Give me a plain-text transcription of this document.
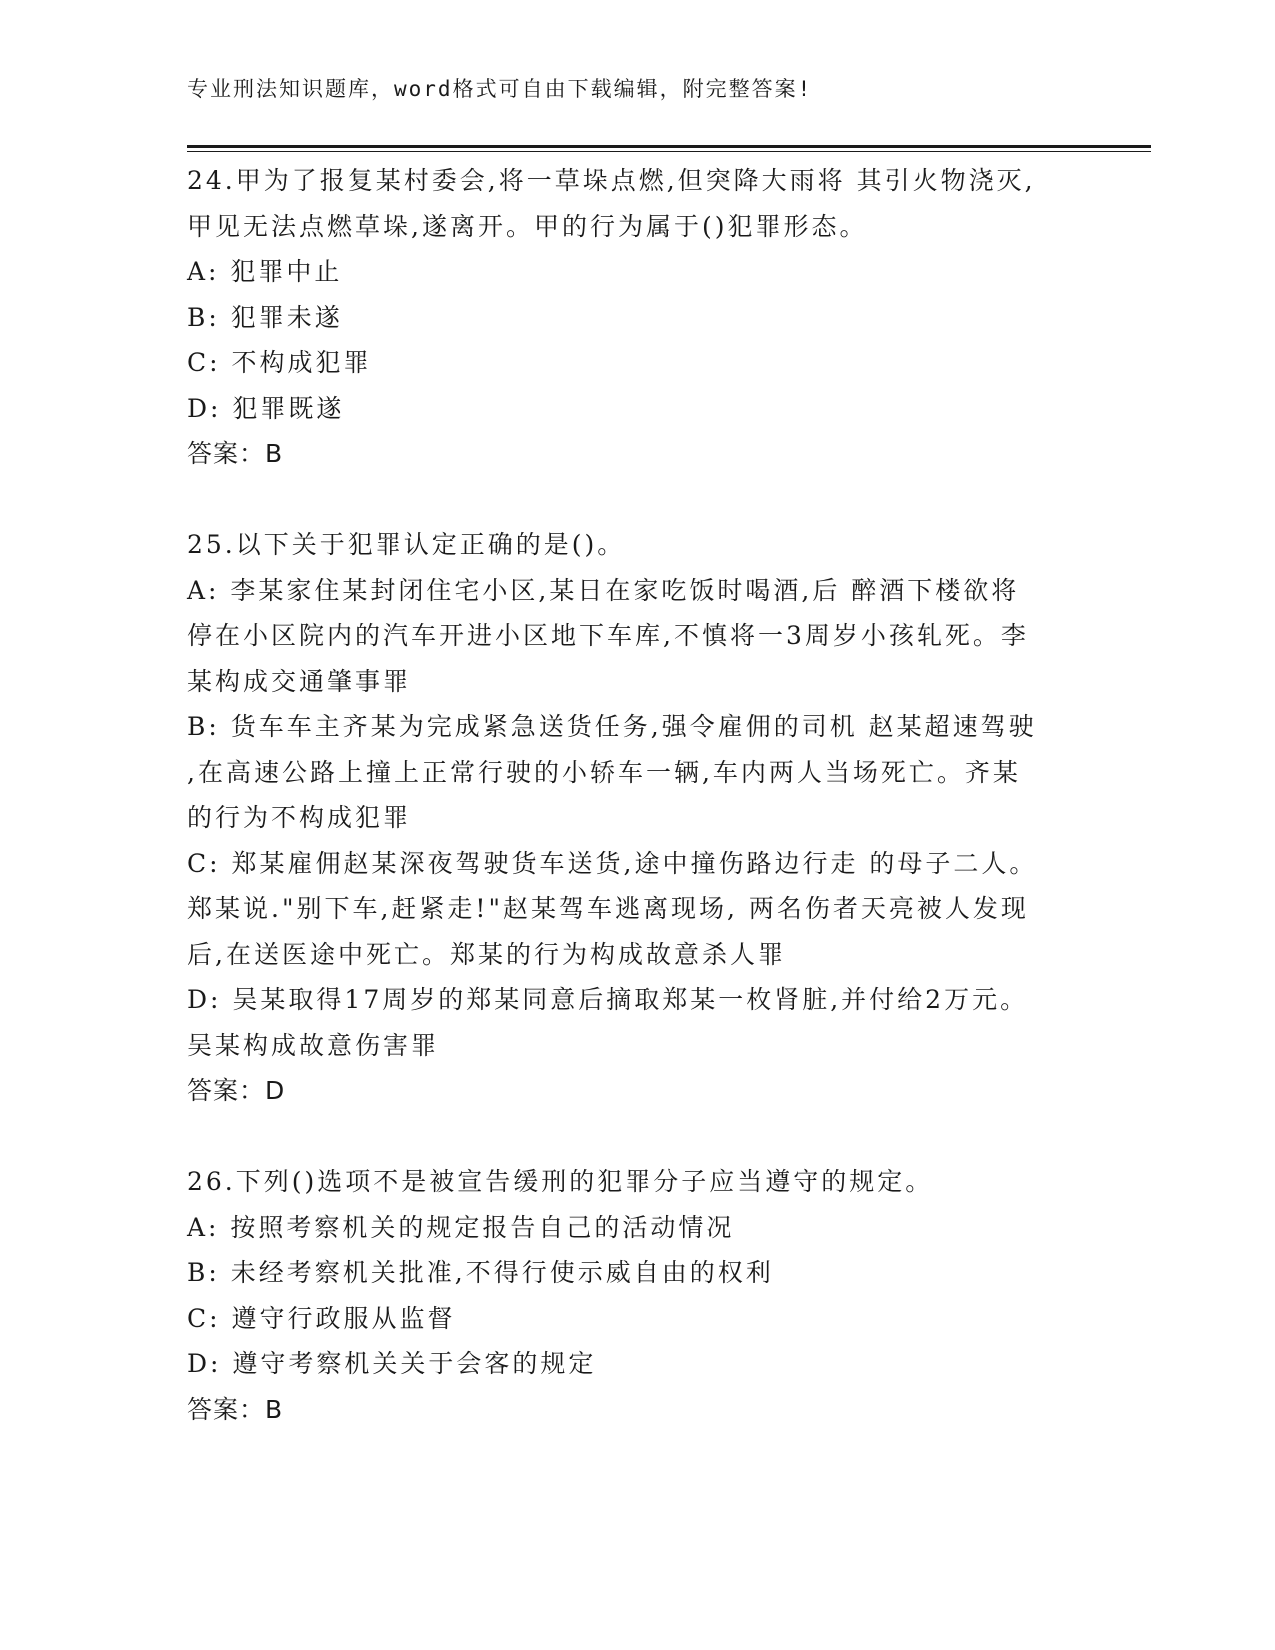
专业刑法知识题库，word格式可自由下载编辑，附完整答案!
24.甲为了报复某村委会,将一草垛点燃,但突降大雨将 其引火物浇灭,
甲见无法点燃草垛,遂离开。甲的行为属于()犯罪形态。
A: 犯罪中止
B: 犯罪未遂
C: 不构成犯罪
D: 犯罪既遂
答案：B
25.以下关于犯罪认定正确的是()。
A: 李某家住某封闭住宅小区,某日在家吃饭时喝酒,后 醉酒下楼欲将
停在小区院内的汽车开进小区地下车库,不慎将一3周岁小孩轧死。李
某构成交通肇事罪
B: 货车车主齐某为完成紧急送货任务,强令雇佣的司机 赵某超速驾驶
,在高速公路上撞上正常行驶的小轿车一辆,车内两人当场死亡。齐某
的行为不构成犯罪
C: 郑某雇佣赵某深夜驾驶货车送货,途中撞伤路边行走 的母子二人。
郑某说."别下车,赶紧走!"赵某驾车逃离现场, 两名伤者天亮被人发现
后,在送医途中死亡。郑某的行为构成故意杀人罪
D: 吴某取得17周岁的郑某同意后摘取郑某一枚肾脏,并付给2万元。
吴某构成故意伤害罪
答案：D
26.下列()选项不是被宣告缓刑的犯罪分子应当遵守的规定。
A: 按照考察机关的规定报告自己的活动情况
B: 未经考察机关批准,不得行使示威自由的权利
C: 遵守行政服从监督
D: 遵守考察机关关于会客的规定
答案：B
